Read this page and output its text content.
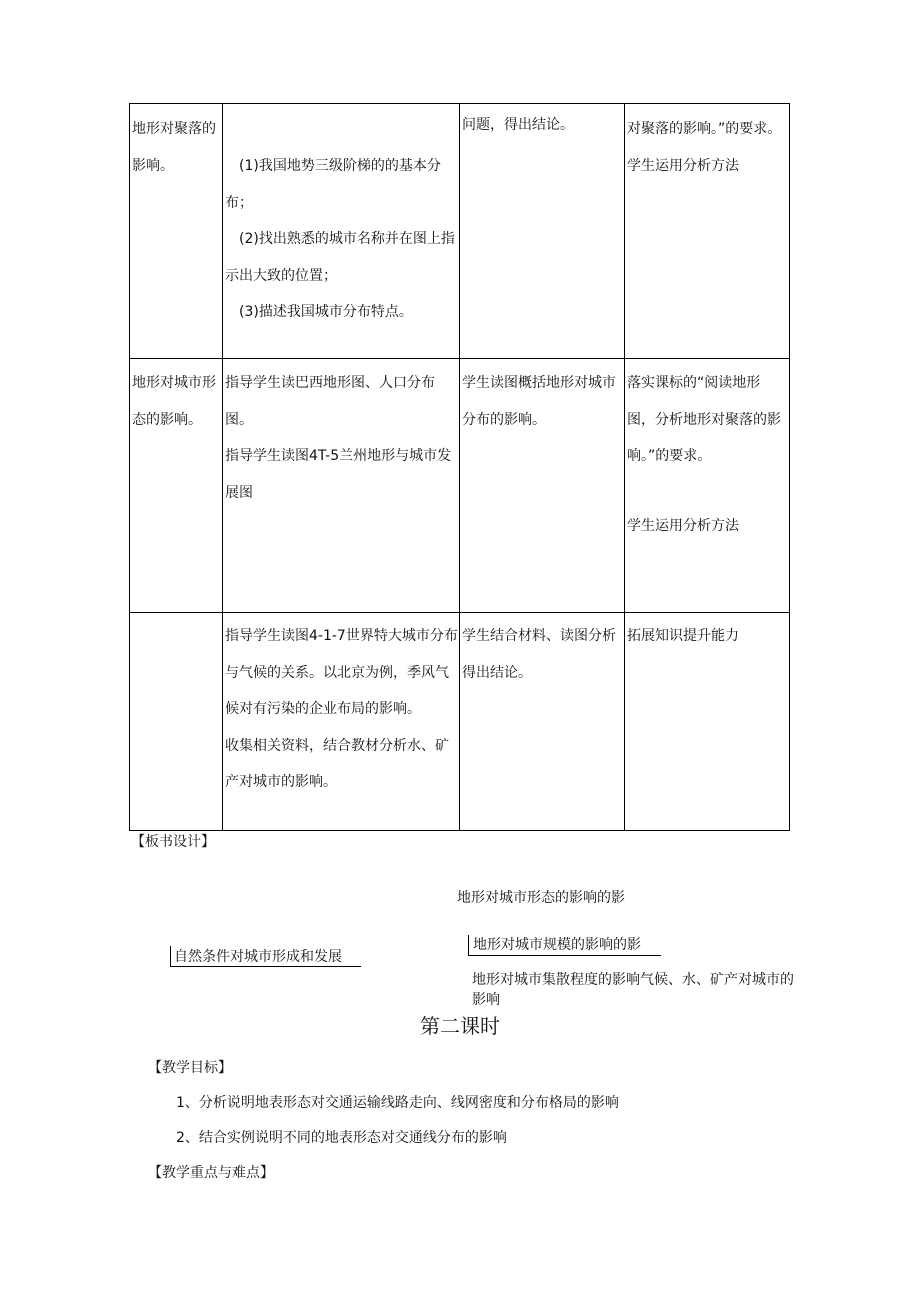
地形对聚落的影响。	(1)我国地势三级阶梯的的基本分布；

(2)找出熟悉的城市名称并在图上指示出大致的位置；

(3)描述我国城市分布特点。

问题，得出结论。	对聚落的影响。”的要求。学生运用分析方法

地形对城市形态的影响。

指导学生读巴西地形图、人口分布图。

指导学生读图4T-5兰州地形与城市发展图

学生读图概括地形对城市分布的影响。

落实课标的“阅读地形图，分析地形对聚落的影响。”的要求。

学生运用分析方法

指导学生读图4-1-7世界特大城市分布与气候的关系。以北京为例，季风气候对有污染的企业布局的影响。

收集相关资料，结合教材分析水、矿产对城市的影响。

学生结合材料、读图分析得出结论。

拓展知识提升能力

【板书设计】
地形对城市形态的影响的影
自然条件对城市形成和发展
地形对城市规模的影响的影
地形对城市集散程度的影响气候、水、矿产对城市的影响
第二课时
【教学目标】
1、分析说明地表形态对交通运输线路走向、线网密度和分布格局的影响
2、结合实例说明不同的地表形态对交通线分布的影响
【教学重点与难点】
